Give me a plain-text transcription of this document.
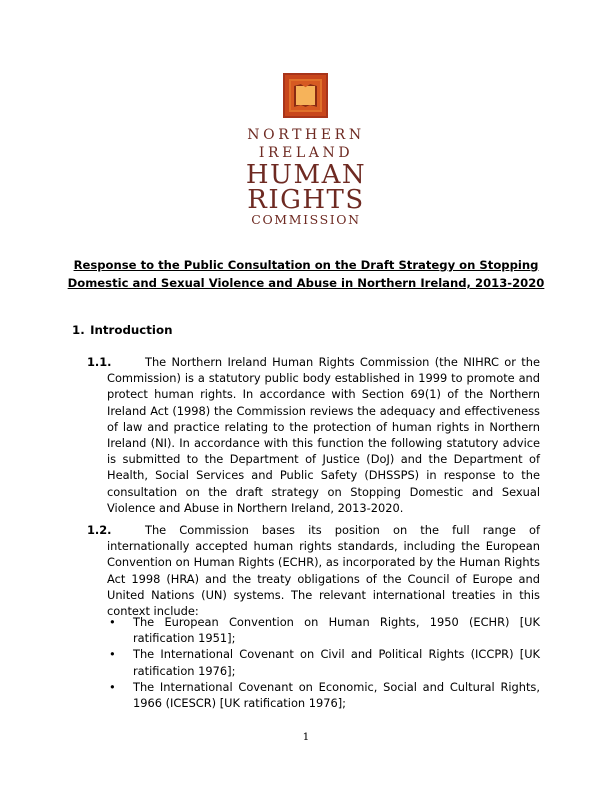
NORTHERN
IRELAND
HUMAN
RIGHTS
COMMISSION
Response to the Public Consultation on the Draft Strategy on Stopping
Domestic and Sexual Violence and Abuse in Northern Ireland, 2013-2020
1. Introduction
1.1.	The Northern Ireland Human Rights Commission (the NIHRC or the Commission) is a statutory public body established in 1999 to promote and protect human rights. In accordance with Section 69(1) of the Northern Ireland Act (1998) the Commission reviews the adequacy and effectiveness of law and practice relating to the protection of human rights in Northern Ireland (NI). In accordance with this function the following statutory advice is submitted to the Department of Justice (DoJ) and the Department of Health, Social Services and Public Safety (DHSSPS) in response to the consultation on the draft strategy on Stopping Domestic and Sexual Violence and Abuse in Northern Ireland, 2013-2020.
1.2.	The Commission bases its position on the full range of internationally accepted human rights standards, including the European Convention on Human Rights (ECHR), as incorporated by the Human Rights Act 1998 (HRA) and the treaty obligations of the Council of Europe and United Nations (UN) systems. The relevant international treaties in this context include:
• The European Convention on Human Rights, 1950 (ECHR) [UK ratification 1951];
• The International Covenant on Civil and Political Rights (ICCPR) [UK ratification 1976];
• The International Covenant on Economic, Social and Cultural Rights, 1966 (ICESCR) [UK ratification 1976];
1
